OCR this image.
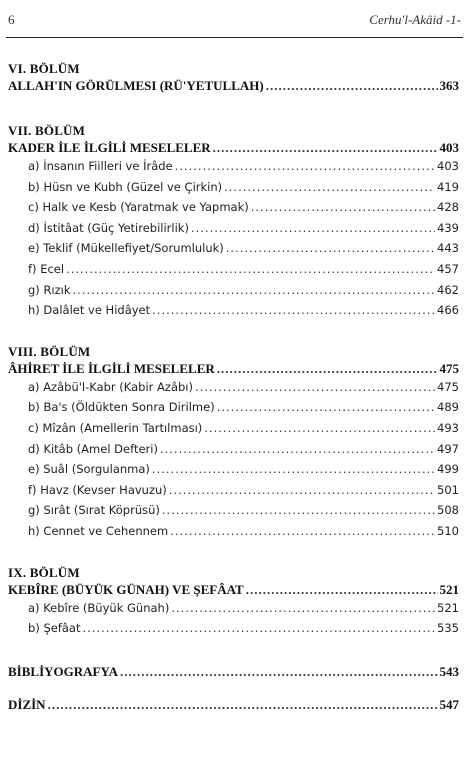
6	Cerhu'l-Akâid -1-
VI. BÖLÜM
ALLAH'IN GÖRÜLMESI (RÜ'YETULLAH) .....	363
VII. BÖLÜM
KADER İLE İLGİLİ MESELELER .....	403
a) İnsanın Fiilleri ve İrâde .....	403
b) Hüsn ve Kubh (Güzel ve Çirkin) .....	419
c) Halk ve Kesb (Yaratmak ve Yapmak) .....	428
d) İstitâat (Güç Yetirebilirlik) .....	439
e) Teklif (Mükellefiyet/Sorumluluk) .....	443
f) Ecel .....	457
g) Rızık .....	462
h) Dalâlet ve Hidâyet .....	466
VIII. BÖLÜM
ÂHİRET İLE İLGİLİ MESELELER .....	475
a) Azâbü'l-Kabr (Kabir Azâbı) .....	475
b) Ba's (Öldükten Sonra Dirilme) .....	489
c) Mîzân (Amellerin Tartılması) .....	493
d) Kitâb (Amel Defteri) .....	497
e) Suâl (Sorgulanma) .....	499
f) Havz (Kevser Havuzu) .....	501
g) Sırât (Sırat Köprüsü) .....	508
h) Cennet ve Cehennem .....	510
IX. BÖLÜM
KEBÎRE (BÜYÜK GÜNAH) VE ŞEFÂAT .....	521
a) Kebîre (Büyük Günah) .....	521
b) Şefâat .....	535
BİBLİYOGRAFYA .....	543
DİZİN .....	547
